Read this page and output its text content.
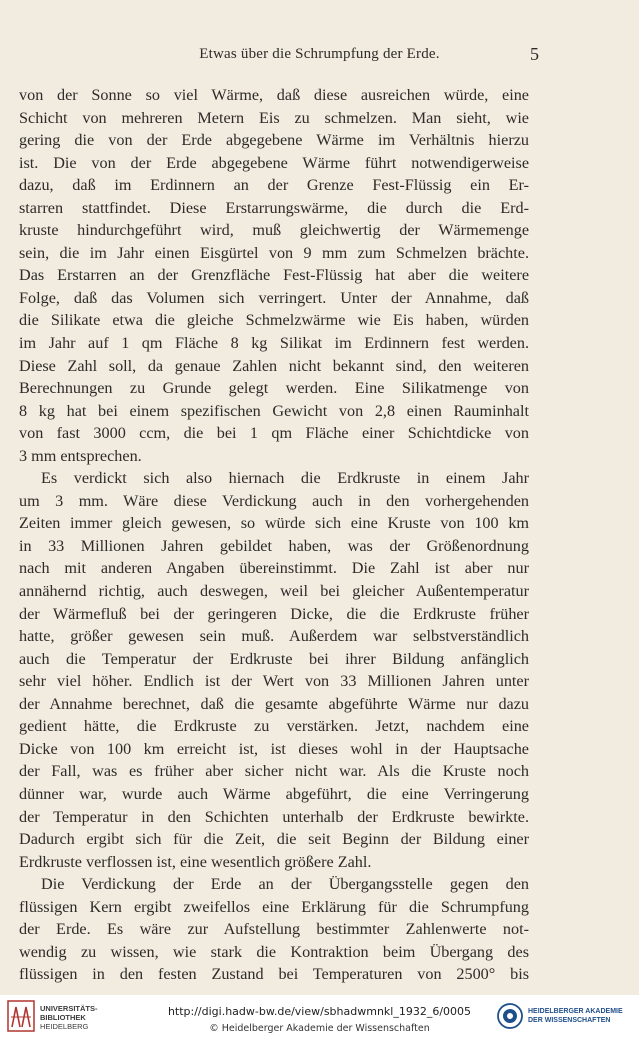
Etwas über die Schrumpfung der Erde.	5
von der Sonne so viel Wärme, daß diese ausreichen würde, eine
Schicht von mehreren Metern Eis zu schmelzen. Man sieht, wie
gering die von der Erde abgegebene Wärme im Verhältnis hierzu
ist. Die von der Erde abgegebene Wärme führt notwendigerweise
dazu, daß im Erdinnern an der Grenze Fest-Flüssig ein Er-
starren stattfindet. Diese Erstarrungswärme, die durch die Erd-
kruste hindurchgeführt wird, muß gleichwertig der Wärmemenge
sein, die im Jahr einen Eisgürtel von 9 mm zum Schmelzen brächte.
Das Erstarren an der Grenzfläche Fest-Flüssig hat aber die weitere
Folge, daß das Volumen sich verringert. Unter der Annahme, daß
die Silikate etwa die gleiche Schmelzwärme wie Eis haben, würden
im Jahr auf 1 qm Fläche 8 kg Silikat im Erdinnern fest werden.
Diese Zahl soll, da genaue Zahlen nicht bekannt sind, den weiteren
Berechnungen zu Grunde gelegt werden. Eine Silikatmenge von
8 kg hat bei einem spezifischen Gewicht von 2,8 einen Rauminhalt
von fast 3000 ccm, die bei 1 qm Fläche einer Schichtdicke von
3 mm entsprechen.
Es verdickt sich also hiernach die Erdkruste in einem Jahr
um 3 mm. Wäre diese Verdickung auch in den vorhergehenden
Zeiten immer gleich gewesen, so würde sich eine Kruste von 100 km
in 33 Millionen Jahren gebildet haben, was der Größenordnung
nach mit anderen Angaben übereinstimmt. Die Zahl ist aber nur
annähernd richtig, auch deswegen, weil bei gleicher Außentemperatur
der Wärmefluß bei der geringeren Dicke, die die Erdkruste früher
hatte, größer gewesen sein muß. Außerdem war selbstverständlich
auch die Temperatur der Erdkruste bei ihrer Bildung anfänglich
sehr viel höher. Endlich ist der Wert von 33 Millionen Jahren unter
der Annahme berechnet, daß die gesamte abgeführte Wärme nur dazu
gedient hätte, die Erdkruste zu verstärken. Jetzt, nachdem eine
Dicke von 100 km erreicht ist, ist dieses wohl in der Hauptsache
der Fall, was es früher aber sicher nicht war. Als die Kruste noch
dünner war, wurde auch Wärme abgeführt, die eine Verringerung
der Temperatur in den Schichten unterhalb der Erdkruste bewirkte.
Dadurch ergibt sich für die Zeit, die seit Beginn der Bildung einer
Erdkruste verflossen ist, eine wesentlich größere Zahl.
Die Verdickung der Erde an der Übergangsstelle gegen den
flüssigen Kern ergibt zweifellos eine Erklärung für die Schrumpfung
der Erde. Es wäre zur Aufstellung bestimmter Zahlenwerte not-
wendig zu wissen, wie stark die Kontraktion beim Übergang des
flüssigen in den festen Zustand bei Temperaturen von 2500° bis
UNIVERSITÄTS-
BIBLIOTHEK
HEIDELBERG
http://digi.hadw-bw.de/view/sbhadwmnkl_1932_6/0005
© Heidelberger Akademie der Wissenschaften
HEIDELBERGER AKADEMIE
DER WISSENSCHAFTEN
